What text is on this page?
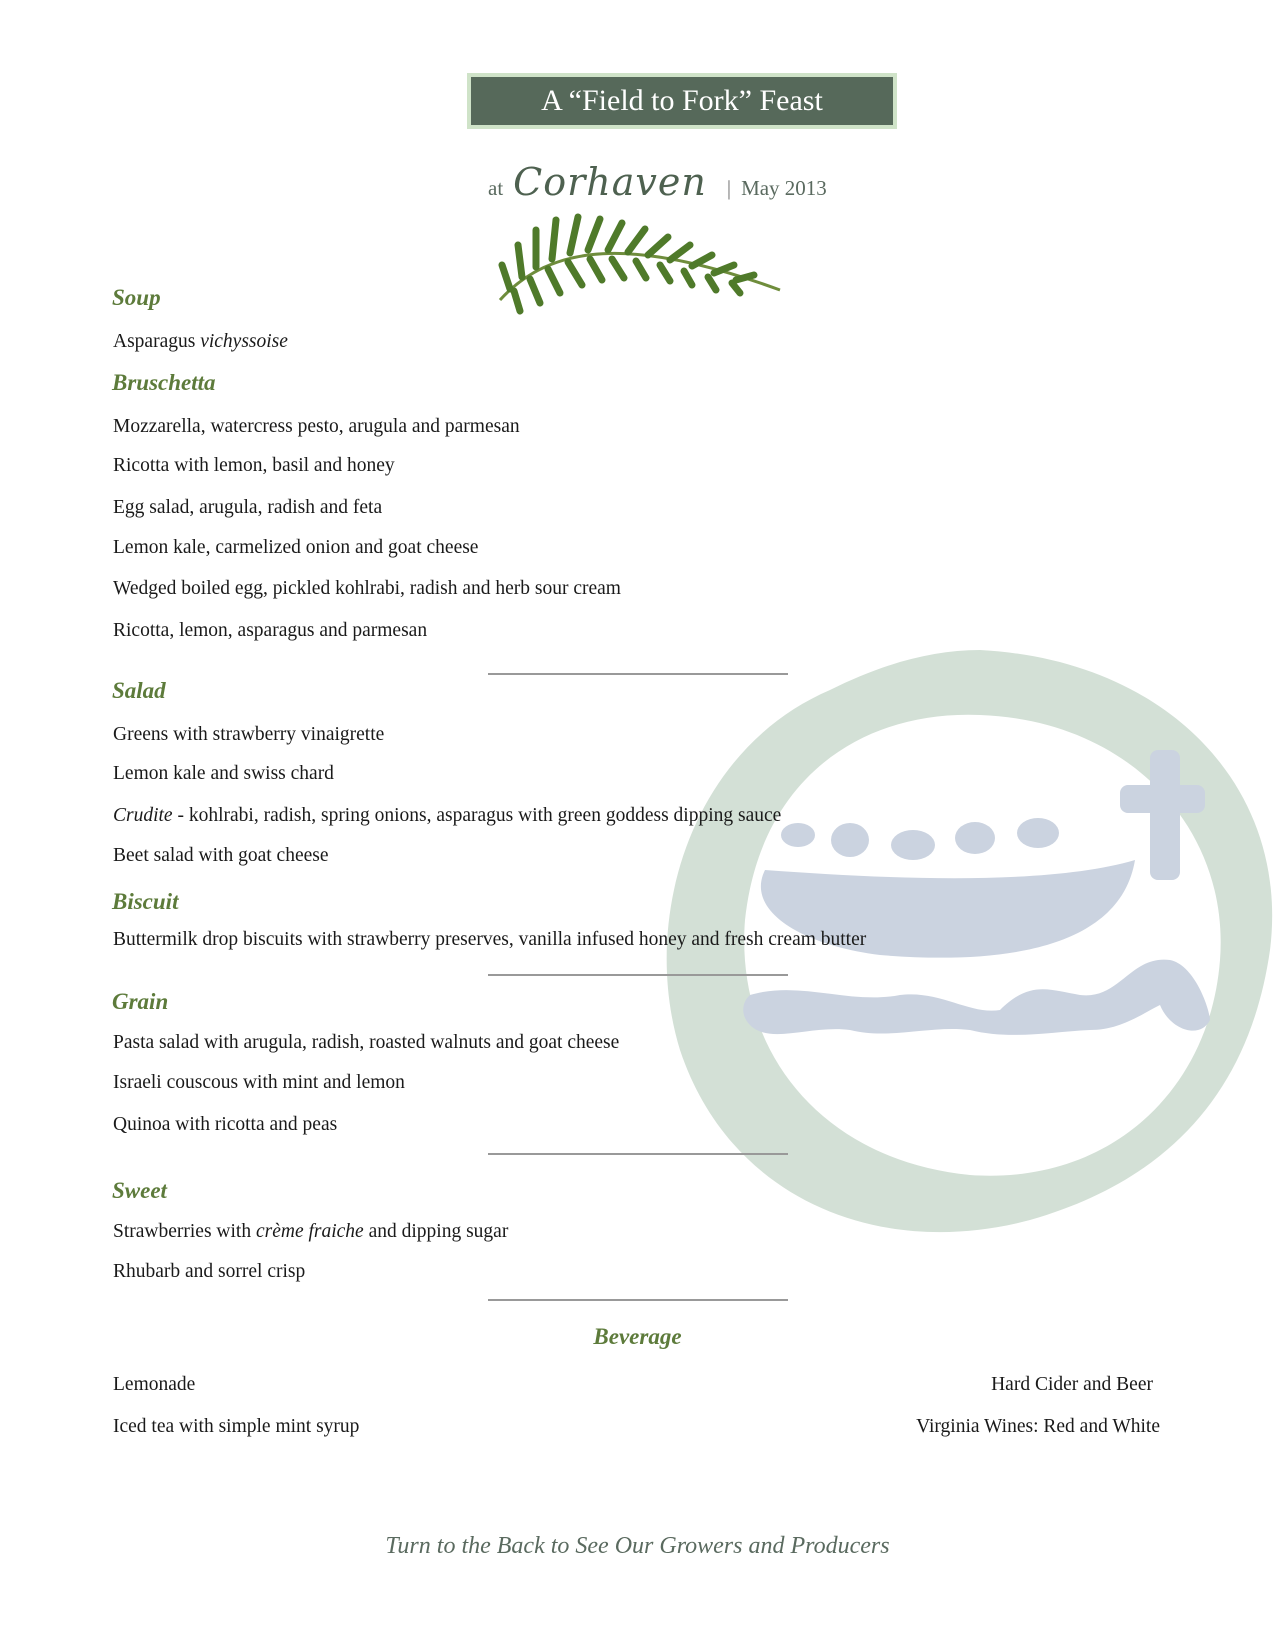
A “Field to Fork” Feast
at Corhaven | May 2013
Soup
Asparagus vichyssoise
Bruschetta
Mozzarella, watercress pesto, arugula and parmesan
Ricotta with lemon, basil and honey
Egg salad, arugula, radish and feta
Lemon kale, carmelized onion and goat cheese
Wedged boiled egg, pickled kohlrabi, radish and herb sour cream
Ricotta, lemon, asparagus and parmesan
Salad
Greens with strawberry vinaigrette
Lemon kale and swiss chard
Crudite - kohlrabi, radish, spring onions, asparagus with green goddess dipping sauce
Beet salad with goat cheese
Biscuit
Buttermilk drop biscuits with strawberry preserves, vanilla infused honey and fresh cream butter
Grain
Pasta salad with arugula, radish, roasted walnuts and goat cheese
Israeli couscous with mint and lemon
Quinoa with ricotta and peas
Sweet
Strawberries with crème fraiche and dipping sugar
Rhubarb and sorrel crisp
Beverage
Lemonade
Iced tea with simple mint syrup
Hard Cider and Beer
Virginia Wines: Red and White
Turn to the Back to See Our Growers and Producers
